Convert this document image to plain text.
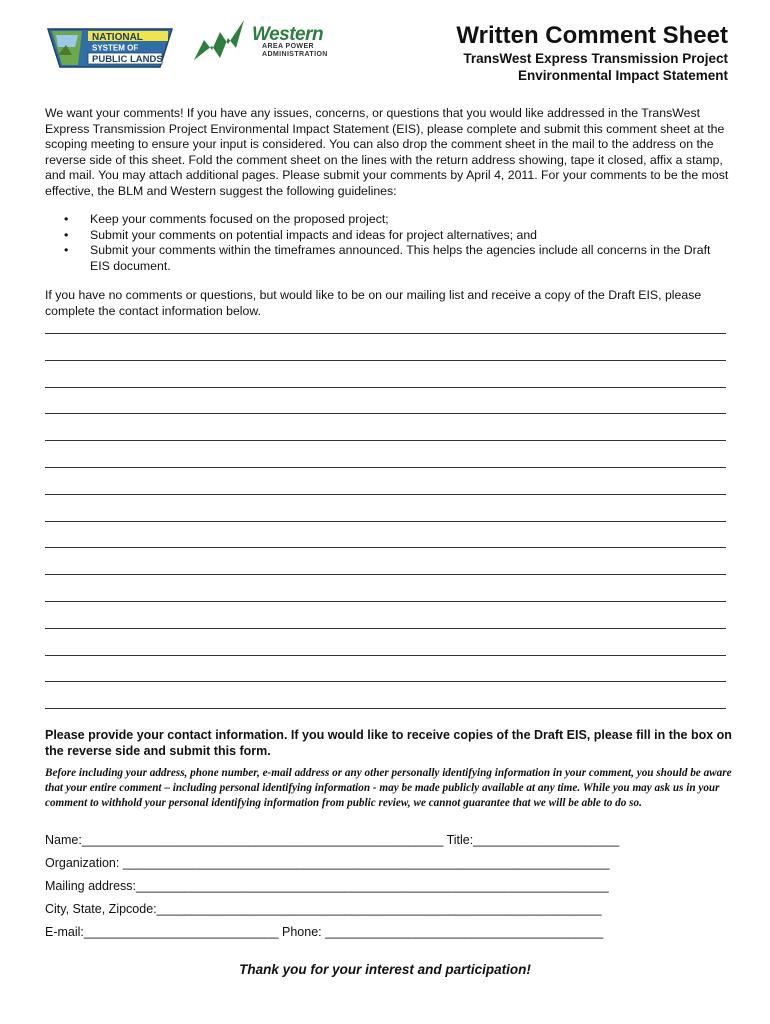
NATIONAL
SYSTEM OF
PUBLIC LANDS
Western
AREA POWER
ADMINISTRATION
Written Comment Sheet
TransWest Express Transmission Project
Environmental Impact Statement
We want your comments! If you have any issues, concerns, or questions that you would like addressed in the TransWest Express Transmission Project Environmental Impact Statement (EIS), please complete and submit this comment sheet at the scoping meeting to ensure your input is considered. You can also drop the comment sheet in the mail to the address on the reverse side of this sheet. Fold the comment sheet on the lines with the return address showing, tape it closed, affix a stamp, and mail. You may attach additional pages. Please submit your comments by April 4, 2011. For your comments to be the most effective, the BLM and Western suggest the following guidelines:
• Keep your comments focused on the proposed project;
• Submit your comments on potential impacts and ideas for project alternatives; and
• Submit your comments within the timeframes announced. This helps the agencies include all concerns in the Draft EIS document.
If you have no comments or questions, but would like to be on our mailing list and receive a copy of the Draft EIS, please complete the contact information below.
Please provide your contact information. If you would like to receive copies of the Draft EIS, please fill in the box on the reverse side and submit this form.
Before including your address, phone number, e-mail address or any other personally identifying information in your comment, you should be aware that your entire comment – including personal identifying information - may be made publicly available at any time. While you may ask us in your comment to withhold your personal identifying information from public review, we cannot guarantee that we will be able to do so.
Name:____________________________________________________ Title:_____________________
Organization: ______________________________________________________________________
Mailing address:____________________________________________________________________
City, State, Zipcode:________________________________________________________________
E-mail:____________________________ Phone: ________________________________________
Thank you for your interest and participation!
